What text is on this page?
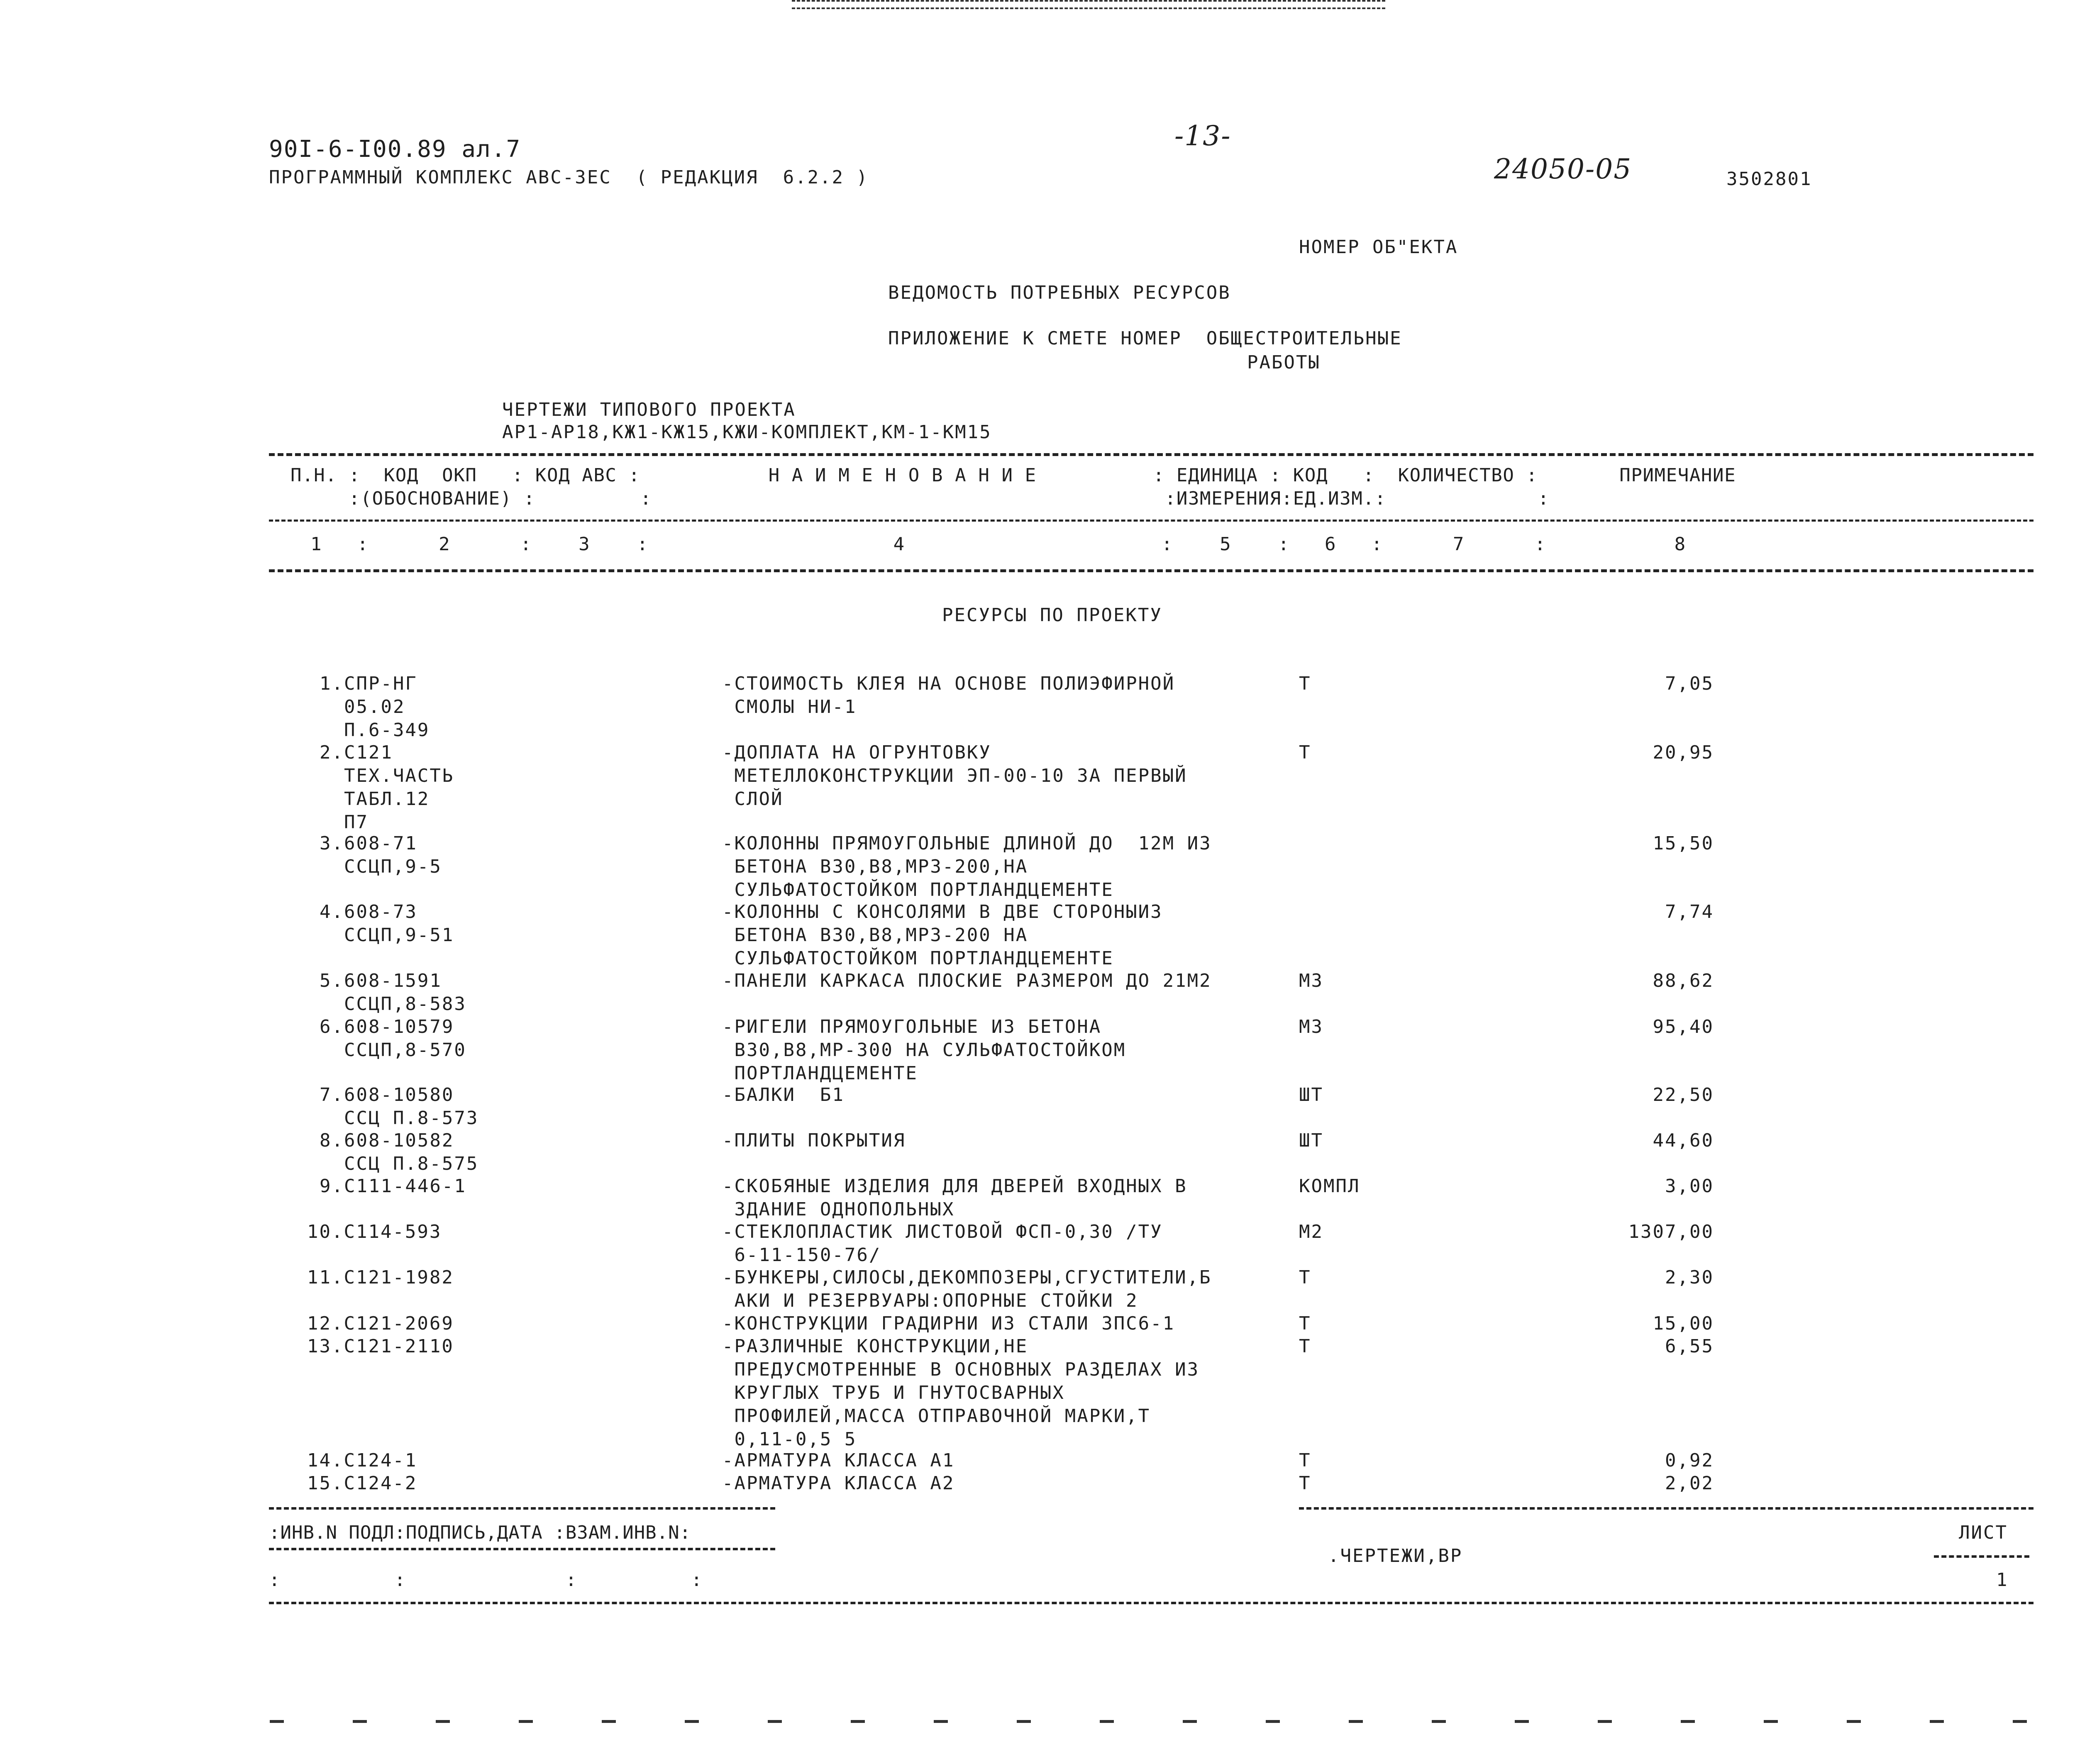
90I-6-I00.89 ал.7
ПРОГРАММНЫЙ КОМПЛЕКС АВС-3ЕС  ( РЕДАКЦИЯ  6.2.2 )
-13-
24050-05	3502801
НОМЕР ОБ"ЕКТА
ВЕДОМОСТЬ ПОТРЕБНЫХ РЕСУРСОВ
ПРИЛОЖЕНИЕ К СМЕТЕ НОМЕР  ОБЩЕСТРОИТЕЛЬНЫЕ
РАБОТЫ
ЧЕРТЕЖИ ТИПОВОГО ПРОЕКТА
АР1-АР18,КЖ1-КЖ15,КЖИ-КОМПЛЕКТ,КМ-1-КМ15
П.Н. :  КОД  ОКП   : КОД АВС :           Н А И М Е Н О В А Н И Е          : ЕДИНИЦА : КОД   :  КОЛИЧЕСТВО :       ПРИМЕЧАНИЕ
:(ОБОСНОВАНИЕ) :         :                                            :ИЗМЕРЕНИЯ:ЕД.ИЗМ.:             :
1   :      2      :    3    :                     4                      :    5    :   6   :      7      :           8
РЕСУРСЫ ПО ПРОЕКТУ
1.СПР-НГ
05.02
П.6-349
-СТОИМОСТЬ КЛЕЯ НА ОСНОВЕ ПОЛИЭФИРНОЙ
СМОЛЫ НИ-1
Т	7,05
2.С121
ТЕХ.ЧАСТЬ
ТАБЛ.12
П7
-ДОПЛАТА НА ОГРУНТОВКУ
МЕТЕЛЛОКОНСТРУКЦИИ ЭП-00-10 ЗА ПЕРВЫЙ
СЛОЙ
Т	20,95
3.608-71
ССЦП,9-5
-КОЛОННЫ ПРЯМОУГОЛЬНЫЕ ДЛИНОЙ ДО  12М ИЗ
БЕТОНА В30,В8,МРЗ-200,НА
СУЛЬФАТОСТОЙКОМ ПОРТЛАНДЦЕМЕНТЕ
15,50
4.608-73
ССЦП,9-51
-КОЛОННЫ С КОНСОЛЯМИ В ДВЕ СТОРОНЫИЗ
БЕТОНА В30,В8,МРЗ-200 НА
СУЛЬФАТОСТОЙКОМ ПОРТЛАНДЦЕМЕНТЕ
7,74
5.608-1591
ССЦП,8-583
-ПАНЕЛИ КАРКАСА ПЛОСКИЕ РАЗМЕРОМ ДО 21М2	М3	88,62
6.608-10579
ССЦП,8-570
-РИГЕЛИ ПРЯМОУГОЛЬНЫЕ ИЗ БЕТОНА
В30,В8,МР-300 НА СУЛЬФАТОСТОЙКОМ
ПОРТЛАНДЦЕМЕНТЕ
М3	95,40
7.608-10580
ССЦ П.8-573
-БАЛКИ  Б1	ШТ	22,50
8.608-10582
ССЦ П.8-575
-ПЛИТЫ ПОКРЫТИЯ	ШТ	44,60
9.С111-446-1	-СКОБЯНЫЕ ИЗДЕЛИЯ ДЛЯ ДВЕРЕЙ ВХОДНЫХ В
ЗДАНИЕ ОДНОПОЛЬНЫХ
КОМПЛ	3,00
10.С114-593	-СТЕКЛОПЛАСТИК ЛИСТОВОЙ ФСП-0,30 /ТУ
6-11-150-76/
М2	1307,00
11.С121-1982	-БУНКЕРЫ,СИЛОСЫ,ДЕКОМПОЗЕРЫ,СГУСТИТЕЛИ,Б
АКИ И РЕЗЕРВУАРЫ:ОПОРНЫЕ СТОЙКИ 2
Т	2,30
12.С121-2069	-КОНСТРУКЦИИ ГРАДИРНИ ИЗ СТАЛИ 3ПС6-1	Т	15,00
13.С121-2110	-РАЗЛИЧНЫЕ КОНСТРУКЦИИ,НЕ
ПРЕДУСМОТРЕННЫЕ В ОСНОВНЫХ РАЗДЕЛАХ ИЗ
КРУГЛЫХ ТРУБ И ГНУТОСВАРНЫХ
ПРОФИЛЕЙ,МАССА ОТПРАВОЧНОЙ МАРКИ,Т
0,11-0,5 5
Т	6,55
14.С124-1	-АРМАТУРА КЛАССА А1	Т	0,92
15.С124-2	-АРМАТУРА КЛАССА А2	Т	2,02
:ИНВ.N ПОДЛ:ПОДПИСЬ,ДАТА :ВЗАМ.ИНВ.N:
:          :              :          :
.ЧЕРТЕЖИ,ВР
ЛИСТ
1
